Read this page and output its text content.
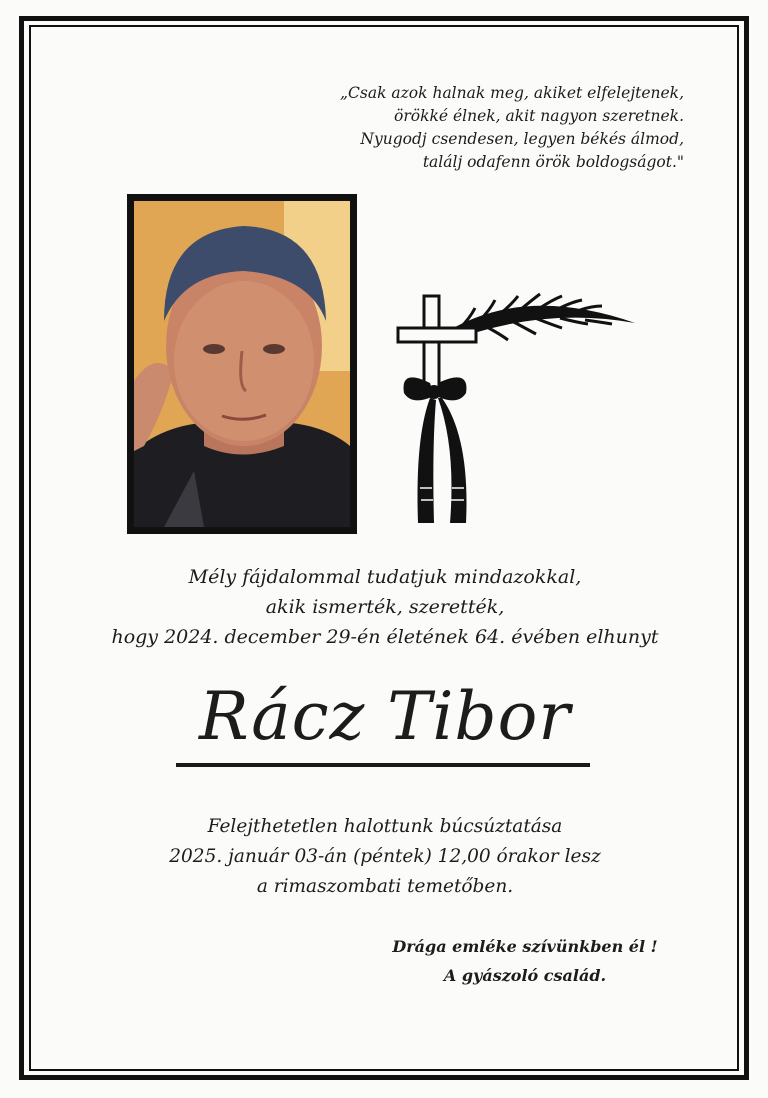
„Csak azok halnak meg, akiket elfelejtenek,
örökké élnek, akit nagyon szeretnek.
Nyugodj csendesen, legyen békés álmod,
találj odafenn örök boldogságot."
Mély fájdalommal tudatjuk mindazokkal,
akik ismerték, szerették,
hogy 2024. december 29-én életének 64. évében elhunyt
Rácz Tibor
Felejthetetlen halottunk búcsúztatása
2025. január 03-án (péntek) 12,00 órakor lesz
a rimaszombati temetőben.
Drága emléke szívünkben él !
A gyászoló család.
